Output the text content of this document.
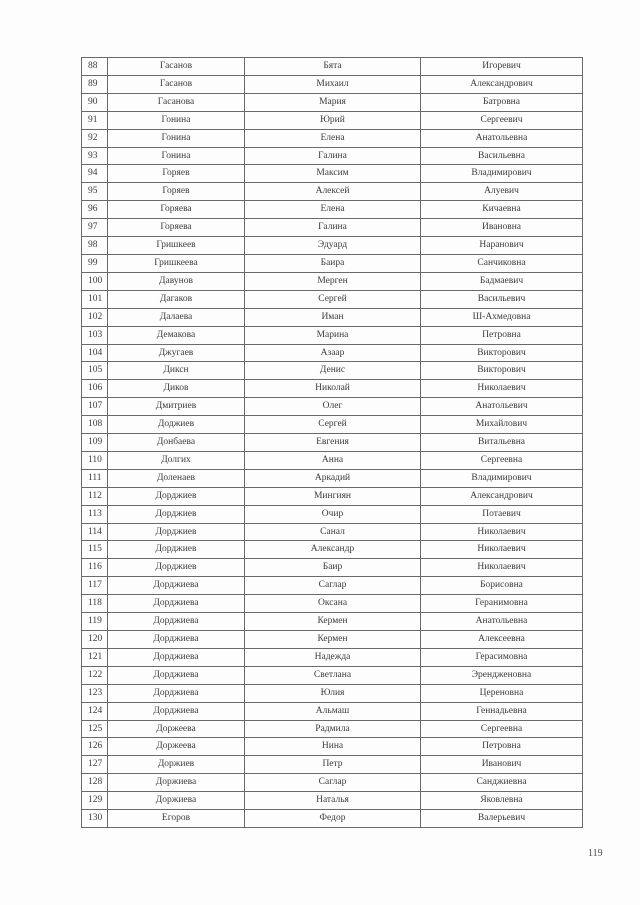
88	Гасанов	Бята	Игоревич
89	Гасанов	Михаил	Александрович
90	Гасанова	Мария	Батровна
91	Гонина	Юрий	Сергеевич
92	Гонина	Елена	Анатольевна
93	Гонина	Галина	Васильевна
94	Горяев	Максим	Владимирович
95	Горяев	Алексей	Алуевич
96	Горяева	Елена	Кичаевна
97	Горяева	Галина	Ивановна
98	Гришкеев	Эдуард	Наранович
99	Гришкеева	Баира	Санчиковна
100	Давунов	Мерген	Бадмаевич
101	Дагаков	Сергей	Васильевич
102	Далаева	Иман	Ш-Ахмедовна
103	Демакова	Марина	Петровна
104	Джугаев	Азаар	Викторович
105	Диксн	Денис	Викторович
106	Диков	Николай	Николаевич
107	Дмитриев	Олег	Анатольевич
108	Доджиев	Сергей	Михайлович
109	Донбаева	Евгения	Витальевна
110	Долгих	Анна	Сергеевна
111	Доленаев	Аркадий	Владимирович
112	Дорджиев	Мингиян	Александрович
113	Дорджиев	Очир	Потаевич
114	Дорджиев	Санал	Николаевич
115	Дорджиев	Александр	Николаевич
116	Дорджиев	Баир	Николаевич
117	Дорджиева	Саглар	Борисовна
118	Дорджиева	Оксана	Геранимовна
119	Дорджиева	Кермен	Анатольевна
120	Дорджиева	Кермен	Алексеевна
121	Дорджиева	Надежда	Герасимовна
122	Дорджиева	Светлана	Эрендженовна
123	Дорджиева	Юлия	Цереновна
124	Дорджиева	Альмаш	Геннадьевна
125	Доржеева	Радмила	Сергеевна
126	Доржеева	Нина	Петровна
127	Доржиев	Петр	Иванович
128	Доржиева	Саглар	Санджиевна
129	Доржиева	Наталья	Яковлевна
130	Егоров	Федор	Валерьевич
119
